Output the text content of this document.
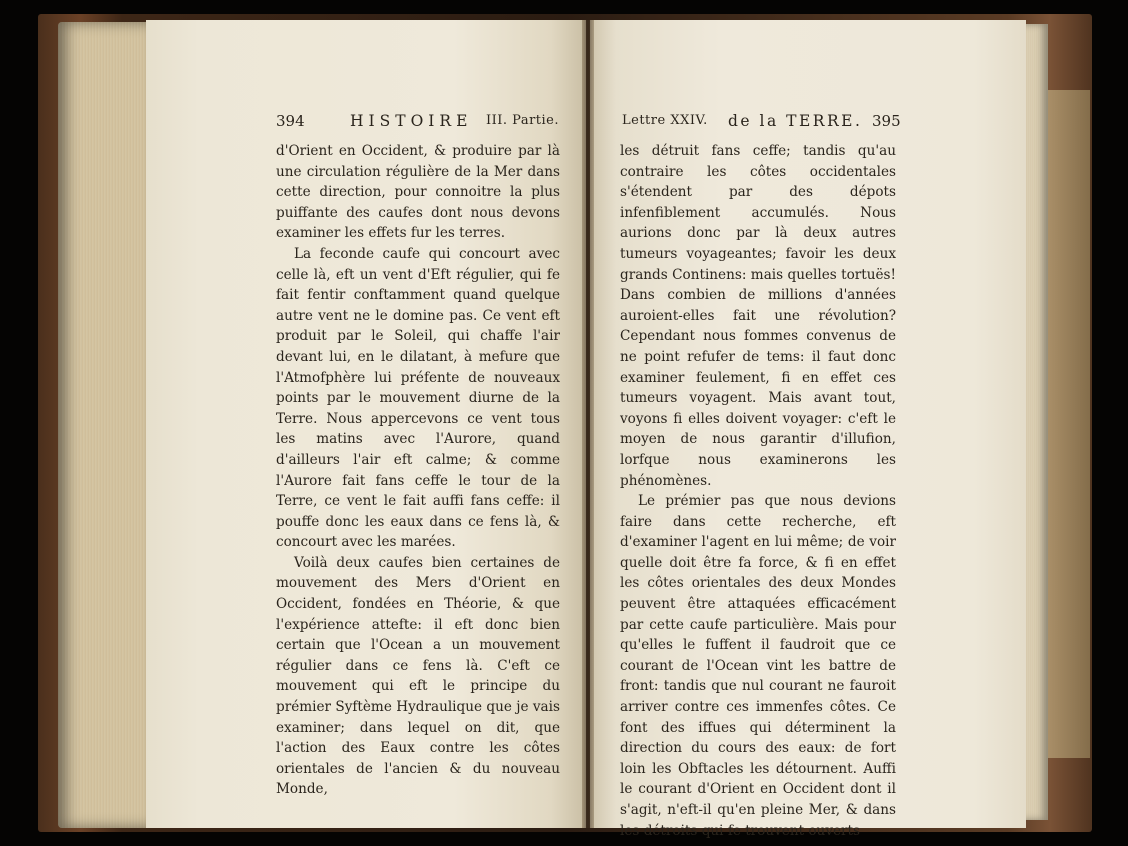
394	HISTOIRE III. Partie.	Lettre XXIV. de la TERRE. 395

d'Orient en Occident, & produire par là une circulation régulière de la Mer dans cette direction, pour connoitre la plus puiffante des caufes dont nous devons examiner les effets fur les terres.

La feconde caufe qui concourt avec celle là, eft un vent d'Eft régulier, qui fe fait fentir conftamment quand quelque autre vent ne le domine pas. Ce vent eft produit par le Soleil, qui chaffe l'air devant lui, en le dilatant, à mefure que l'Atmofphère lui préfente de nouveaux points par le mouvement diurne de la Terre. Nous appercevons ce vent tous les matins avec l'Aurore, quand d'ailleurs l'air eft calme; & comme l'Aurore fait fans ceffe le tour de la Terre, ce vent le fait auffi fans ceffe: il pouffe donc les eaux dans ce fens là, & concourt avec les marées.

Voilà deux caufes bien certaines de mouvement des Mers d'Orient en Occident, fondées en Théorie, & que l'expérience attefte: il eft donc bien certain que l'Ocean a un mouvement régulier dans ce fens là. C'eft ce mouvement qui eft le principe du prémier Syftème Hydraulique que je vais examiner; dans lequel on dit, que l'action des Eaux contre les côtes orientales de l'ancien & du nouveau Monde,

les détruit fans ceffe; tandis qu'au contraire les côtes occidentales s'étendent par des dépots infenfiblement accumulés. Nous aurions donc par là deux autres tumeurs voyageantes; favoir les deux grands Continens: mais quelles tortuës! Dans combien de millions d'années auroient-elles fait une révolution? Cependant nous fommes convenus de ne point refufer de tems: il faut donc examiner feulement, fi en effet ces tumeurs voyagent. Mais avant tout, voyons fi elles doivent voyager: c'eft le moyen de nous garantir d'illufion, lorfque nous examinerons les phénomènes.

Le prémier pas que nous devions faire dans cette recherche, eft d'examiner l'agent en lui même; de voir quelle doit être fa force, & fi en effet les côtes orientales des deux Mondes peuvent être attaquées efficacément par cette caufe particulière. Mais pour qu'elles le fuffent il faudroit que ce courant de l'Ocean vint les battre de front: tandis que nul courant ne fauroit arriver contre ces immenfes côtes. Ce font des iffues qui déterminent la direction du cours des eaux: de fort loin les Obftacles les détournent. Auffi le courant d'Orient en Occident dont il s'agit, n'eft-il qu'en pleine Mer, & dans les détroits qui fe trouvent ouverts
